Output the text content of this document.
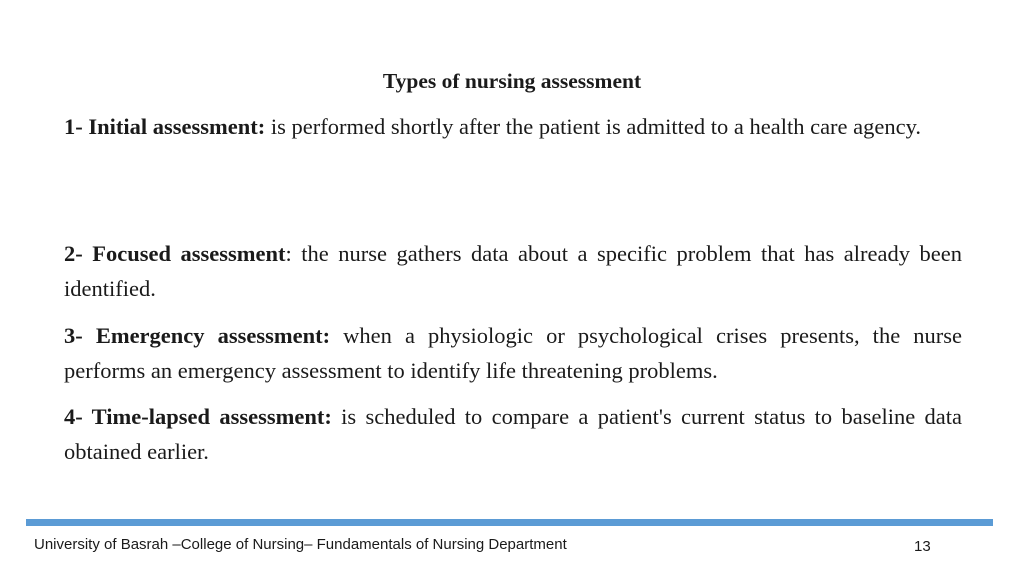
Types of nursing assessment

1- Initial assessment: is performed shortly after the patient is admitted to a health care agency.

2- Focused assessment: the nurse gathers data about a specific problem that has already been identified.

3- Emergency assessment: when a physiologic or psychological crises presents, the nurse performs an emergency assessment to identify life threatening problems.

4- Time-lapsed assessment: is scheduled to compare a patient's current status to baseline data obtained earlier.

University of Basrah –College of Nursing– Fundamentals of Nursing Department	13
